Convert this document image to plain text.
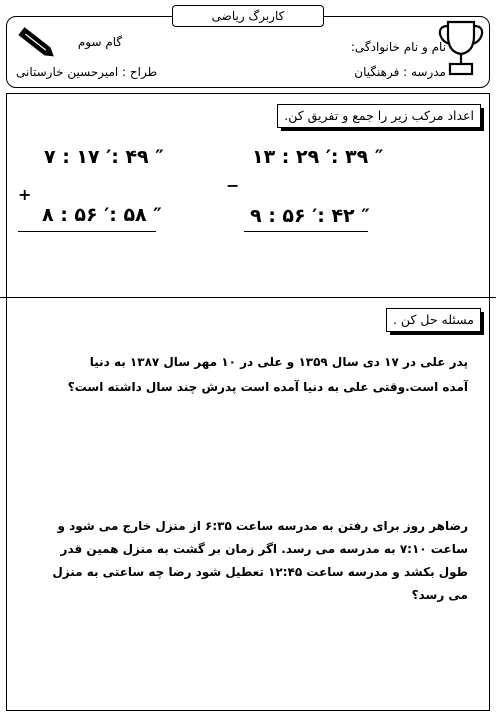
کاربرگ ریاضی
گام سوم	نام و نام خانوادگی:
مدرسه : فرهنگیان
طراح : امیرحسین خارستانی
اعداد مرکب زیر را جمع و تفریق کن.
۱۳ : ۲۹ ′: ۳۹ ″
−
۹ : ۵۶ ′: ۴۲ ″
۷ : ۱۷ ′: ۴۹ ″
+
۸ : ۵۶ ′: ۵۸ ″
مسئله حل کن .
پدر علی در ۱۷ دی سال ۱۳۵۹ و علی در ۱۰ مهر سال ۱۳۸۷ به دنیا آمده است.وقتی علی به دنیا آمده است پدرش چند سال داشته است؟
رضاهر روز برای رفتن به مدرسه ساعت ۶:۳۵ از منزل خارج می شود و ساعت ۷:۱۰ به مدرسه می رسد. اگر زمان بر گشت به منزل همین قدر طول بکشد و مدرسه ساعت ۱۲:۴۵ تعطیل شود رضا چه ساعتی به منزل می رسد؟
